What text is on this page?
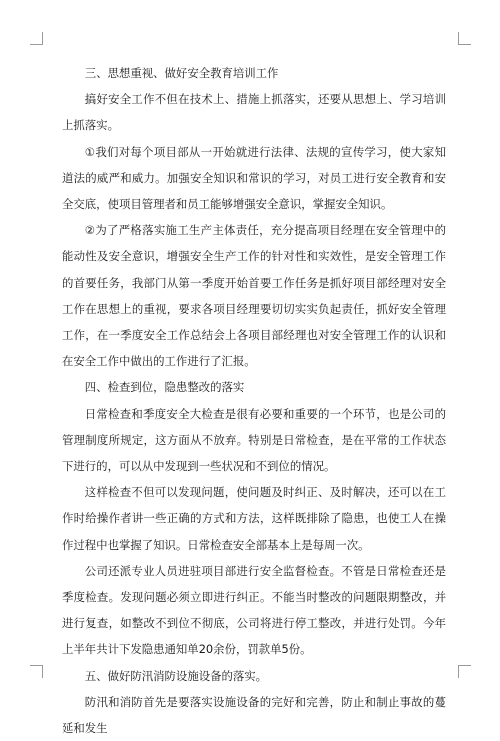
三、思想重视、做好安全教育培训工作

搞好安全工作不但在技术上、措施上抓落实，还要从思想上、学习培训上抓落实。

①我们对每个项目部从一开始就进行法律、法规的宣传学习，使大家知道法的威严和威力。加强安全知识和常识的学习，对员工进行安全教育和安全交底，使项目管理者和员工能够增强安全意识，掌握安全知识。

②为了严格落实施工生产主体责任，充分提高项目经理在安全管理中的能动性及安全意识，增强安全生产工作的针对性和实效性，是安全管理工作的首要任务，我部门从第一季度开始首要工作任务是抓好项目部经理对安全工作在思想上的重视，要求各项目经理要切切实实负起责任，抓好安全管理工作，在一季度安全工作总结会上各项目部经理也对安全管理工作的认识和在安全工作中做出的工作进行了汇报。

四、检查到位，隐患整改的落实

日常检查和季度安全大检查是很有必要和重要的一个环节，也是公司的管理制度所规定，这方面从不放弃。特别是日常检查，是在平常的工作状态下进行的，可以从中发现到一些状况和不到位的情况。

这样检查不但可以发现问题，使问题及时纠正、及时解决，还可以在工作时给操作者讲一些正确的方式和方法，这样既排除了隐患，也使工人在操作过程中也掌握了知识。日常检查安全部基本上是每周一次。

公司还派专业人员进驻项目部进行安全监督检查。不管是日常检查还是季度检查。发现问题必须立即进行纠正。不能当时整改的问题限期整改，并进行复查，如整改不到位不彻底，公司将进行停工整改，并进行处罚。今年上半年共计下发隐患通知单20余份，罚款单5份。

五、做好防汛消防设施设备的落实。

防汛和消防首先是要落实设施设备的完好和完善，防止和制止事故的蔓延和发生
